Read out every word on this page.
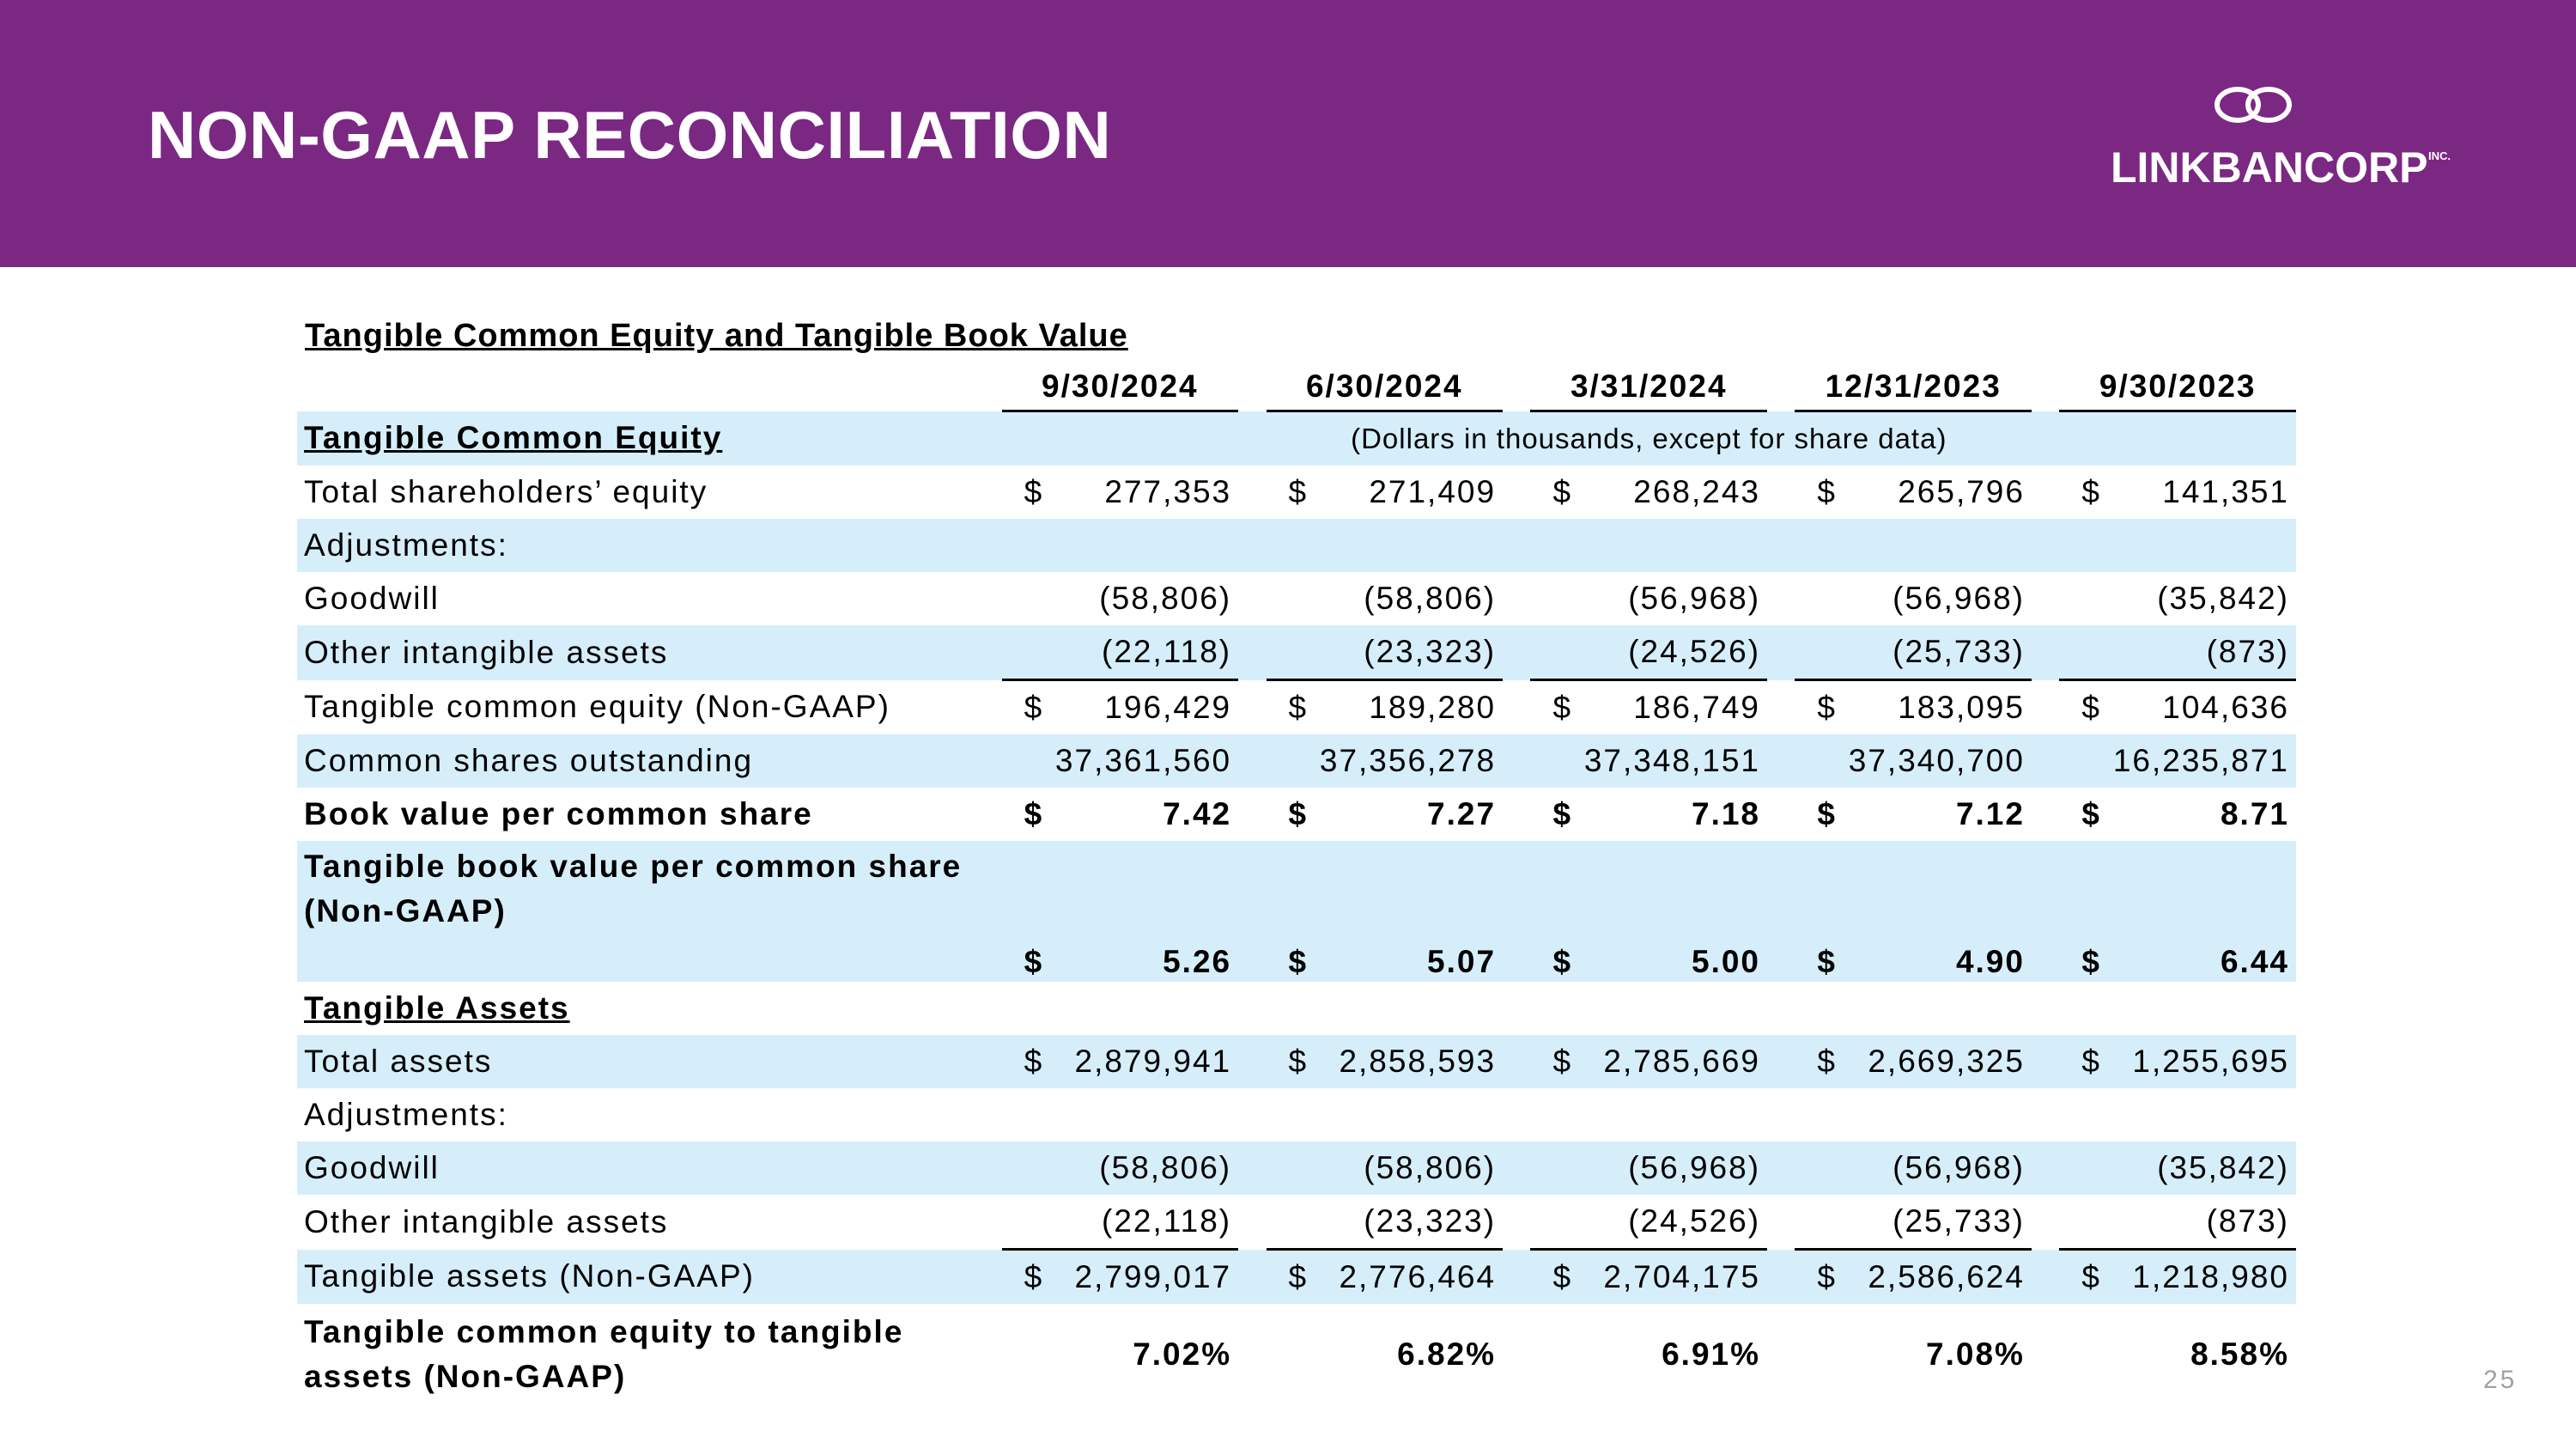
NON-GAAP RECONCILIATION	LINKBANCORP INC.
Tangible Common Equity and Tangible Book Value
	9/30/2024		6/30/2024		3/31/2024		12/31/2023		9/30/2023
Tangible Common Equity	(Dollars in thousands, except for share data)								
Total shareholders’ equity	$ 277,353		$ 271,409		$ 268,243		$ 265,796		$ 141,351
Adjustments:									
Goodwill	(58,806)		(58,806)		(56,968)		(56,968)		(35,842)
Other intangible assets	(22,118)		(23,323)		(24,526)		(25,733)		(873)
Tangible common equity (Non-GAAP)	$ 196,429		$ 189,280		$ 186,749		$ 183,095		$ 104,636
Common shares outstanding	37,361,560		37,356,278		37,348,151		37,340,700		16,235,871
Book value per common share	$ 7.42		$ 7.27		$ 7.18		$ 7.12		$ 8.71
Tangible book value per common share (Non-GAAP)	$ 5.26		$ 5.07		$ 5.00		$ 4.90		$ 6.44
Tangible Assets									
Total assets	$ 2,879,941		$ 2,858,593		$ 2,785,669		$ 2,669,325		$ 1,255,695
Adjustments:									
Goodwill	(58,806)		(58,806)		(56,968)		(56,968)		(35,842)
Other intangible assets	(22,118)		(23,323)		(24,526)		(25,733)		(873)
Tangible assets (Non-GAAP)	$ 2,799,017		$ 2,776,464		$ 2,704,175		$ 2,586,624		$ 1,218,980
Tangible common equity to tangible assets (Non-GAAP)	7.02%		6.82%		6.91%		7.08%		8.58%
25
